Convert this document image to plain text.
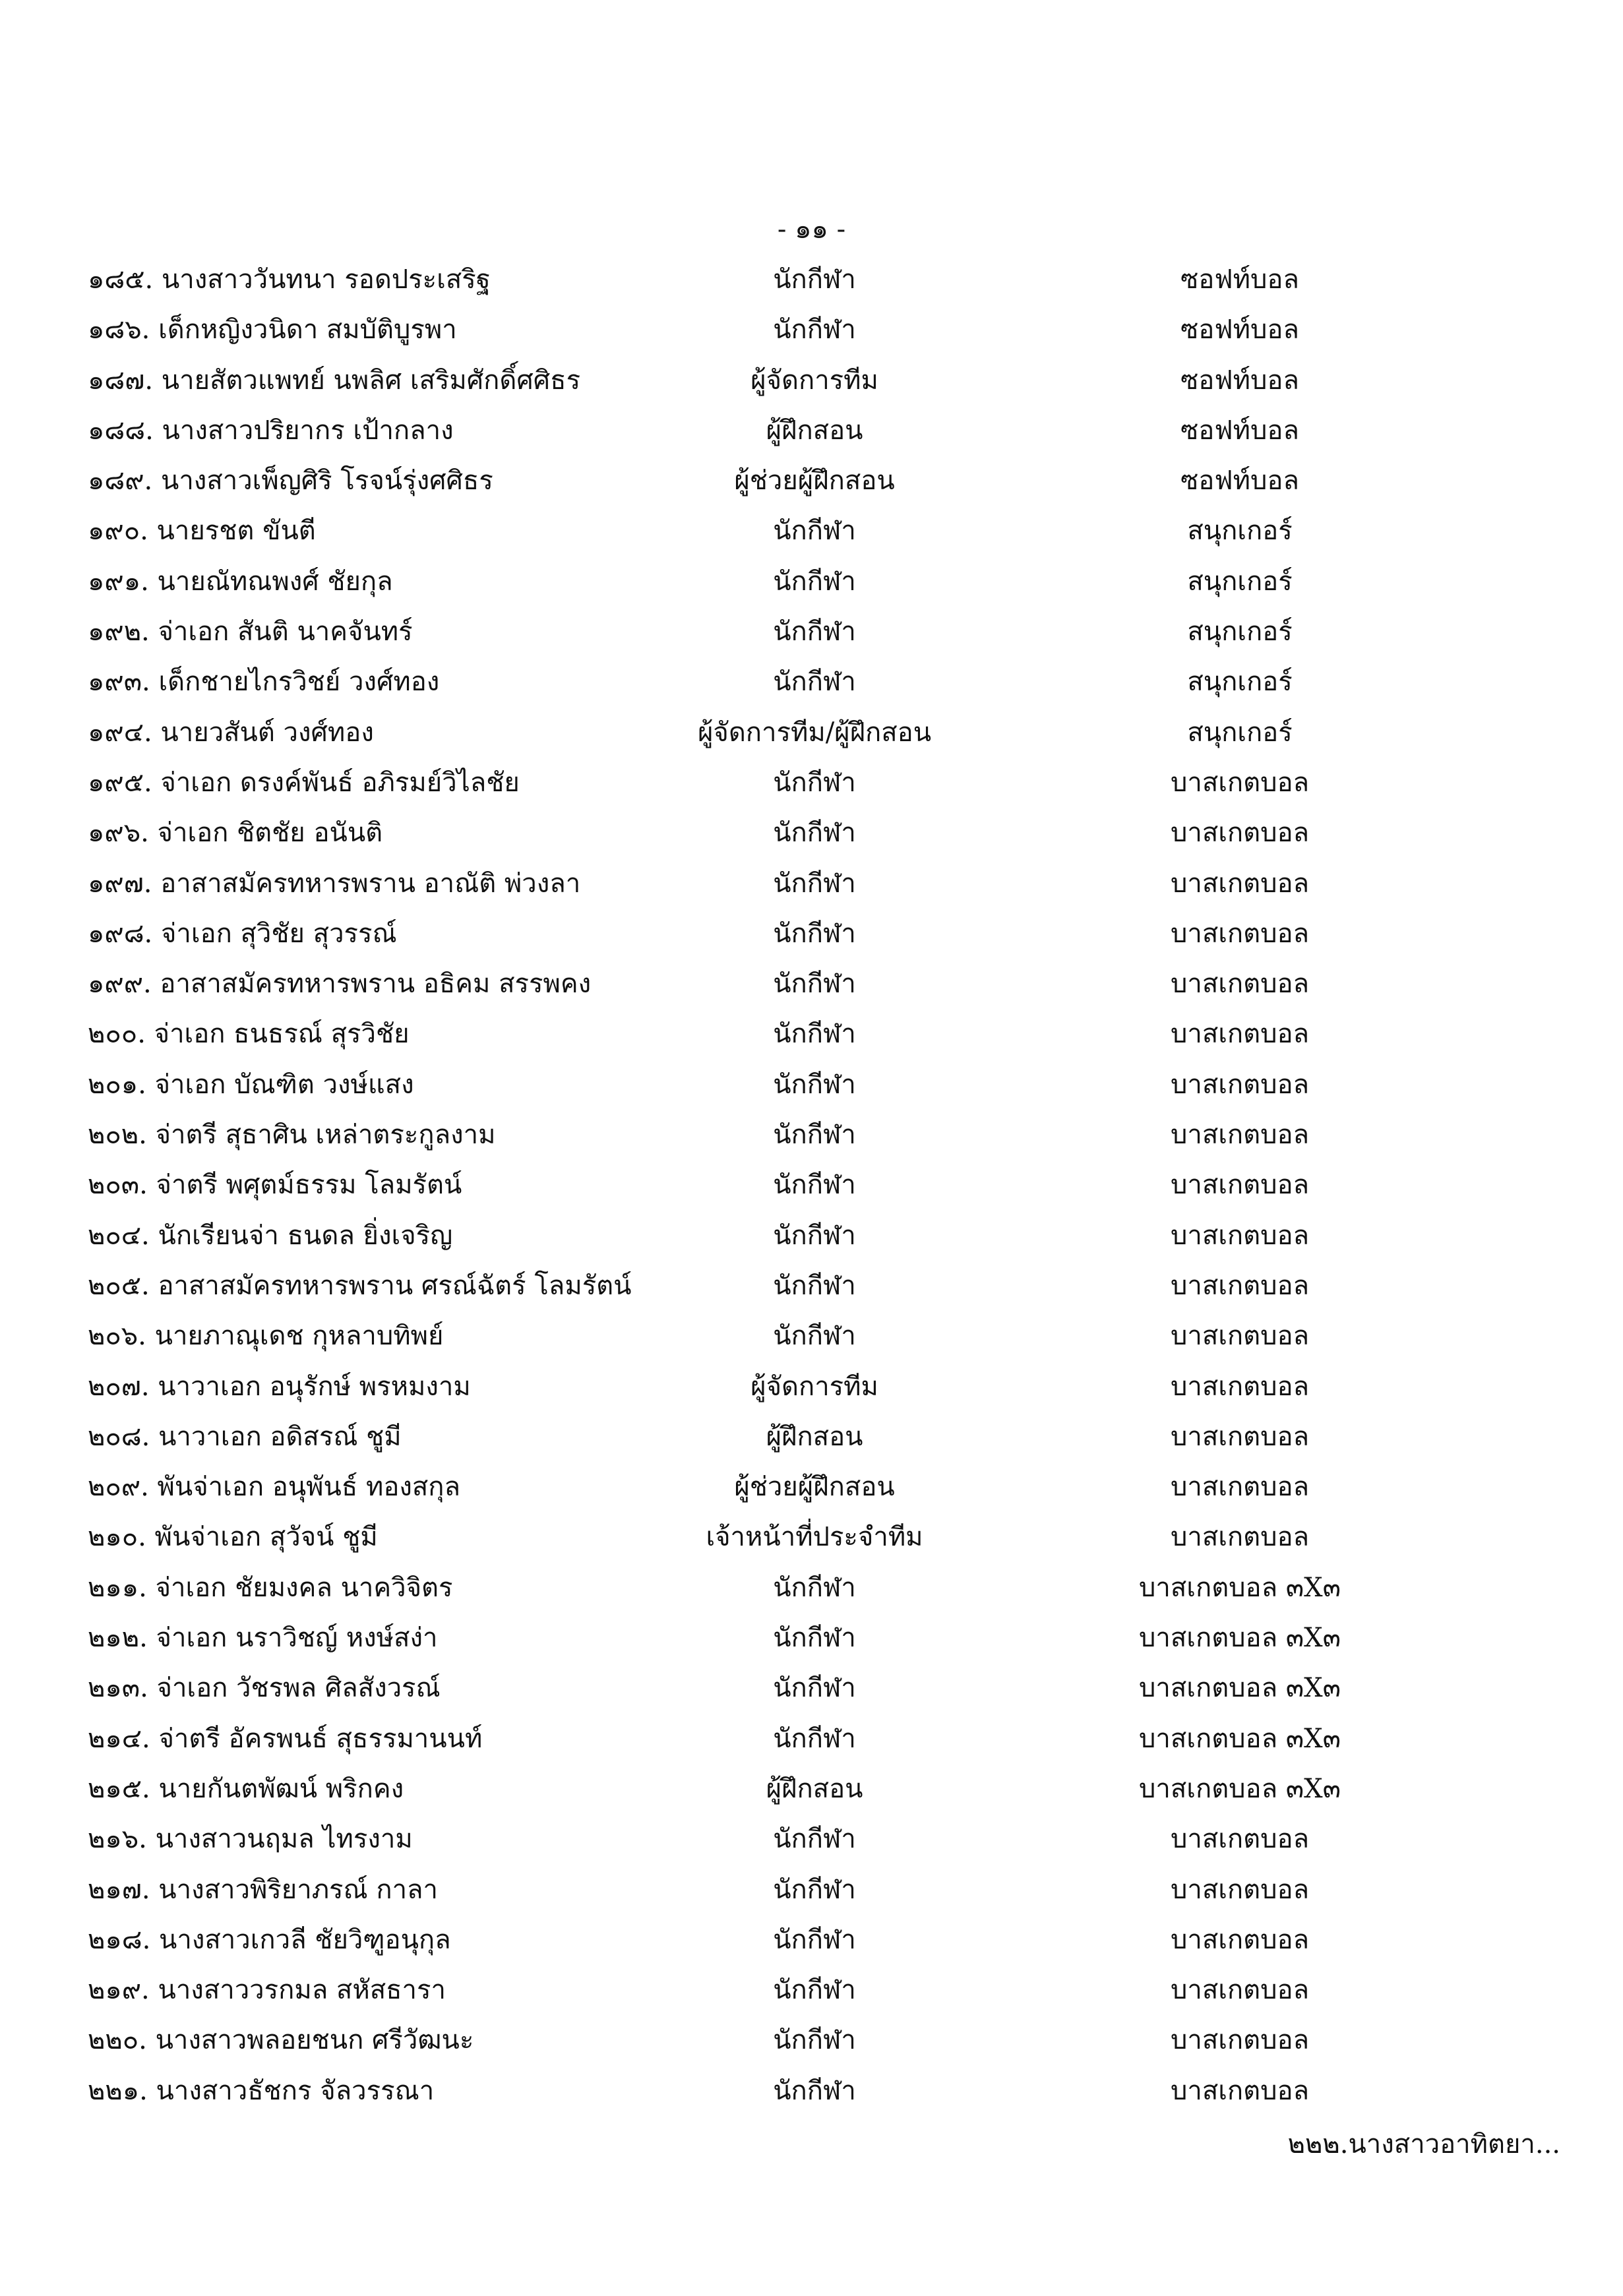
- ๑๑ -
๑๘๕. นางสาววันทนา รอดประเสริฐ	นักกีฬา	ซอฟท์บอล
๑๘๖. เด็กหญิงวนิดา สมบัติบูรพา	นักกีฬา	ซอฟท์บอล
๑๘๗. นายสัตวแพทย์ นพลิศ เสริมศักดิ์ศศิธร	ผู้จัดการทีม	ซอฟท์บอล
๑๘๘. นางสาวปริยากร เป้ากลาง	ผู้ฝึกสอน	ซอฟท์บอล
๑๘๙. นางสาวเพ็ญศิริ โรจน์รุ่งศศิธร	ผู้ช่วยผู้ฝึกสอน	ซอฟท์บอล
๑๙๐. นายรชต ขันตี	นักกีฬา	สนุกเกอร์
๑๙๑. นายณัทณพงศ์ ชัยกุล	นักกีฬา	สนุกเกอร์
๑๙๒. จ่าเอก สันติ นาคจันทร์	นักกีฬา	สนุกเกอร์
๑๙๓. เด็กชายไกรวิชย์ วงศ์ทอง	นักกีฬา	สนุกเกอร์
๑๙๔. นายวสันต์ วงศ์ทอง	ผู้จัดการทีม/ผู้ฝึกสอน	สนุกเกอร์
๑๙๕. จ่าเอก ดรงค์พันธ์ อภิรมย์วิไลชัย	นักกีฬา	บาสเกตบอล
๑๙๖. จ่าเอก ชิตชัย อนันติ	นักกีฬา	บาสเกตบอล
๑๙๗. อาสาสมัครทหารพราน อาณัติ พ่วงลา	นักกีฬา	บาสเกตบอล
๑๙๘. จ่าเอก สุวิชัย สุวรรณ์	นักกีฬา	บาสเกตบอล
๑๙๙. อาสาสมัครทหารพราน อธิคม สรรพคง	นักกีฬา	บาสเกตบอล
๒๐๐. จ่าเอก ธนธรณ์ สุรวิชัย	นักกีฬา	บาสเกตบอล
๒๐๑. จ่าเอก บัณฑิต วงษ์แสง	นักกีฬา	บาสเกตบอล
๒๐๒. จ่าตรี สุธาศิน เหล่าตระกูลงาม	นักกีฬา	บาสเกตบอล
๒๐๓. จ่าตรี พศุตม์ธรรม โลมรัตน์	นักกีฬา	บาสเกตบอล
๒๐๔. นักเรียนจ่า ธนดล ยิ่งเจริญ	นักกีฬา	บาสเกตบอล
๒๐๕. อาสาสมัครทหารพราน ศรณ์ฉัตร์ โลมรัตน์	นักกีฬา	บาสเกตบอล
๒๐๖. นายภาณุเดช กุหลาบทิพย์	นักกีฬา	บาสเกตบอล
๒๐๗. นาวาเอก อนุรักษ์ พรหมงาม	ผู้จัดการทีม	บาสเกตบอล
๒๐๘. นาวาเอก อดิสรณ์ ชูมี	ผู้ฝึกสอน	บาสเกตบอล
๒๐๙. พันจ่าเอก อนุพันธ์ ทองสกุล	ผู้ช่วยผู้ฝึกสอน	บาสเกตบอล
๒๑๐. พันจ่าเอก สุวัจน์ ชูมี	เจ้าหน้าที่ประจำทีม	บาสเกตบอล
๒๑๑. จ่าเอก ชัยมงคล นาควิจิตร	นักกีฬา	บาสเกตบอล ๓X๓
๒๑๒. จ่าเอก นราวิชญ์ หงษ์สง่า	นักกีฬา	บาสเกตบอล ๓X๓
๒๑๓. จ่าเอก วัชรพล ศิลสังวรณ์	นักกีฬา	บาสเกตบอล ๓X๓
๒๑๔. จ่าตรี อัครพนธ์ สุธรรมานนท์	นักกีฬา	บาสเกตบอล ๓X๓
๒๑๕. นายกันตพัฒน์ พริกคง	ผู้ฝึกสอน	บาสเกตบอล ๓X๓
๒๑๖. นางสาวนฤมล ไทรงาม	นักกีฬา	บาสเกตบอล
๒๑๗. นางสาวพิริยาภรณ์ กาลา	นักกีฬา	บาสเกตบอล
๒๑๘. นางสาวเกวลี ชัยวิฑูอนุกุล	นักกีฬา	บาสเกตบอล
๒๑๙. นางสาววรกมล สหัสธารา	นักกีฬา	บาสเกตบอล
๒๒๐. นางสาวพลอยชนก ศรีวัฒนะ	นักกีฬา	บาสเกตบอล
๒๒๑. นางสาวธัชกร จัลวรรณา	นักกีฬา	บาสเกตบอล
๒๒๒.นางสาวอาทิตยา...
